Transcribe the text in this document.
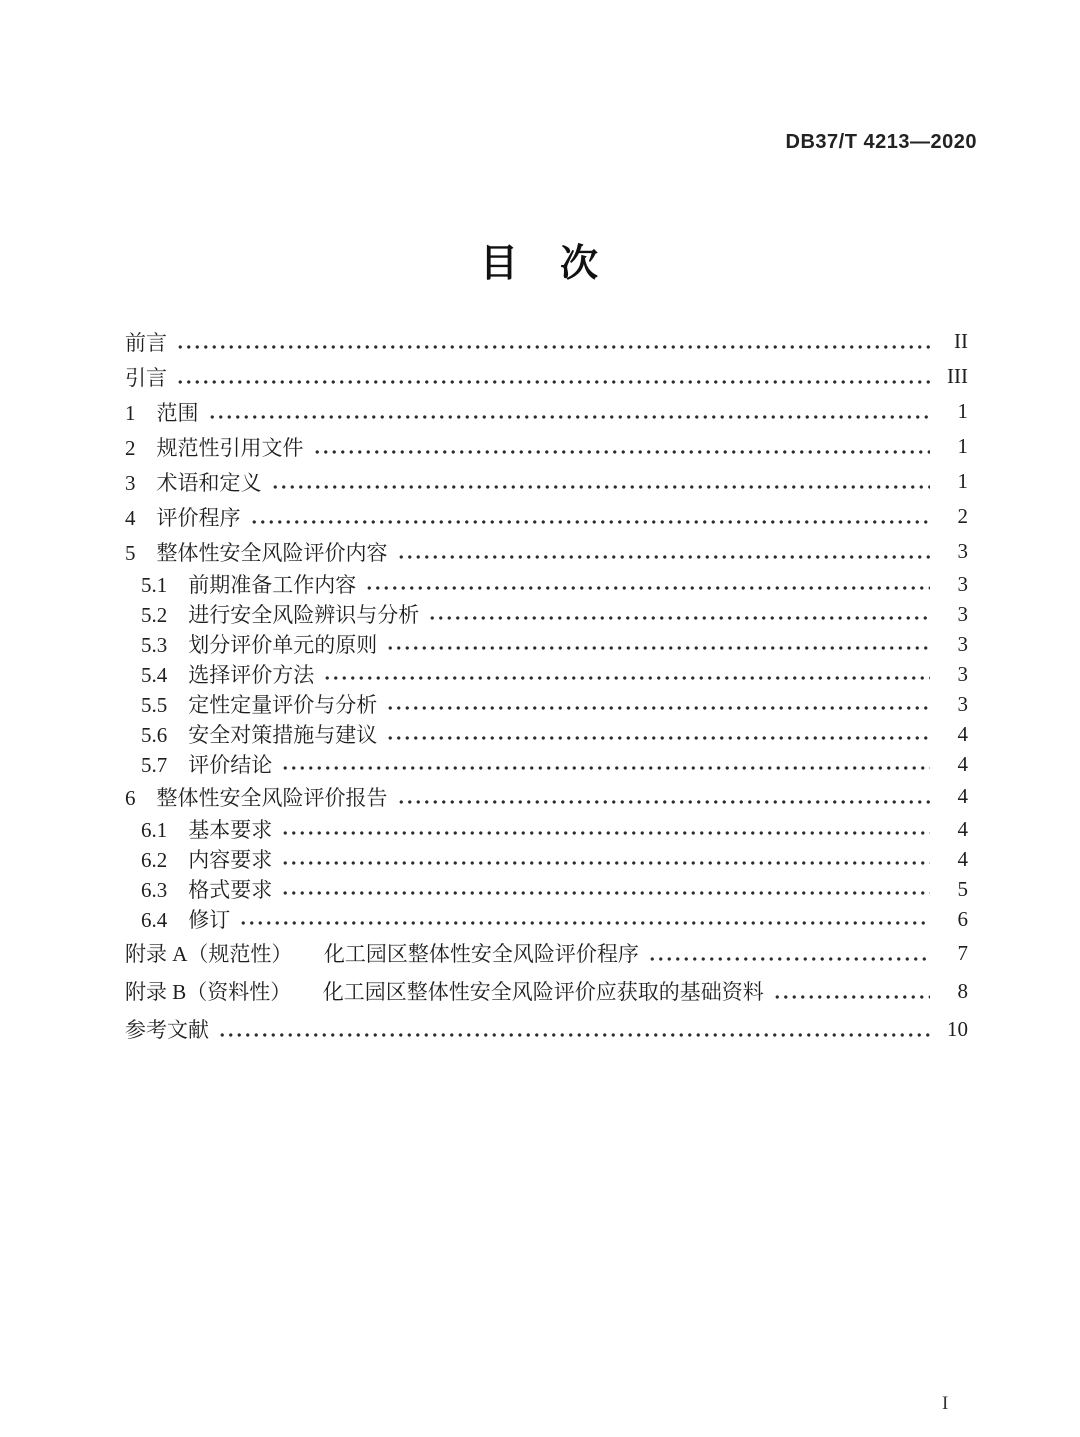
DB37/T 4213—2020
目　次
前言	II
引言	III
1　范围	1
2　规范性引用文件	1
3　术语和定义	1
4　评价程序	2
5　整体性安全风险评价内容	3
5.1　前期准备工作内容	3
5.2　进行安全风险辨识与分析	3
5.3　划分评价单元的原则	3
5.4　选择评价方法	3
5.5　定性定量评价与分析	3
5.6　安全对策措施与建议	4
5.7　评价结论	4
6　整体性安全风险评价报告	4
6.1　基本要求	4
6.2　内容要求	4
6.3　格式要求	5
6.4　修订	6
附录 A（规范性）　　化工园区整体性安全风险评价程序	7
附录 B（资料性）　　化工园区整体性安全风险评价应获取的基础资料	8
参考文献	10
I
